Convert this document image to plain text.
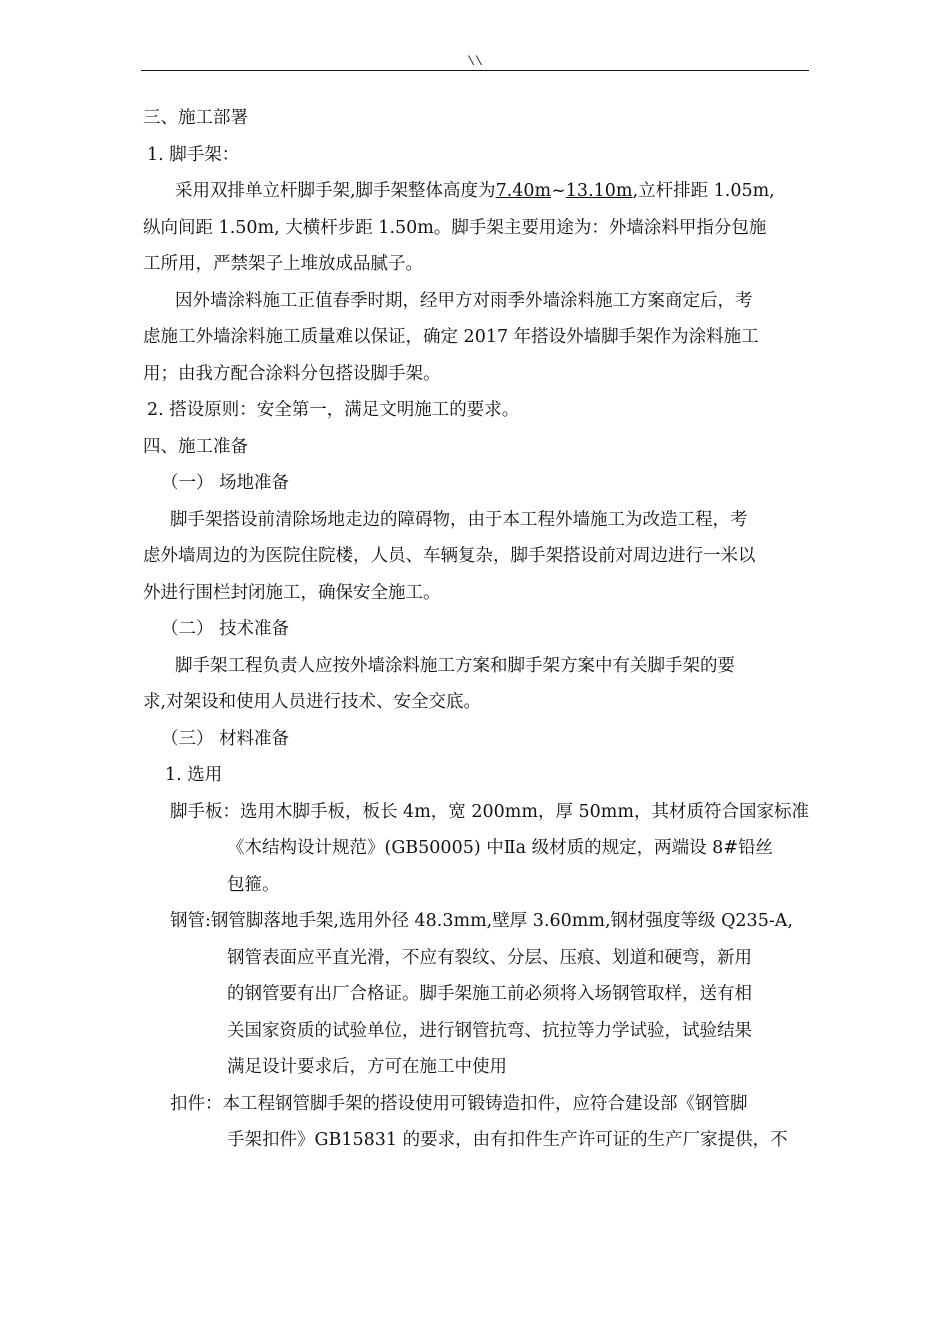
\\
三、施工部署
1. 脚手架：
采用双排单立杆脚手架,脚手架整体高度为7.40m~13.10m,立杆排距 1.05m,
纵向间距 1.50m, 大横杆步距 1.50m。脚手架主要用途为：外墙涂料甲指分包施
工所用，严禁架子上堆放成品腻子。
因外墙涂料施工正值春季时期，经甲方对雨季外墙涂料施工方案商定后，考
虑施工外墙涂料施工质量难以保证，确定 2017 年搭设外墙脚手架作为涂料施工
用；由我方配合涂料分包搭设脚手架。
2. 搭设原则：安全第一，满足文明施工的要求。
四、施工准备
（一） 场地准备
脚手架搭设前清除场地走边的障碍物，由于本工程外墙施工为改造工程，考
虑外墙周边的为医院住院楼，人员、车辆复杂，脚手架搭设前对周边进行一米以
外进行围栏封闭施工，确保安全施工。
（二） 技术准备
脚手架工程负责人应按外墙涂料施工方案和脚手架方案中有关脚手架的要
求,对架设和使用人员进行技术、安全交底。
（三） 材料准备
1. 选用
脚手板：选用木脚手板，板长 4m，宽 200mm，厚 50mm，其材质符合国家标准
《木结构设计规范》(GB50005) 中Ⅱa 级材质的规定，两端设 8#铅丝
包箍。
钢管:钢管脚落地手架,选用外径 48.3mm,壁厚 3.60mm,钢材强度等级 Q235-A,
钢管表面应平直光滑，不应有裂纹、分层、压痕、划道和硬弯，新用
的钢管要有出厂合格证。脚手架施工前必须将入场钢管取样，送有相
关国家资质的试验单位，进行钢管抗弯、抗拉等力学试验，试验结果
满足设计要求后，方可在施工中使用
扣件：本工程钢管脚手架的搭设使用可锻铸造扣件，应符合建设部《钢管脚
手架扣件》GB15831 的要求，由有扣件生产许可证的生产厂家提供，不
